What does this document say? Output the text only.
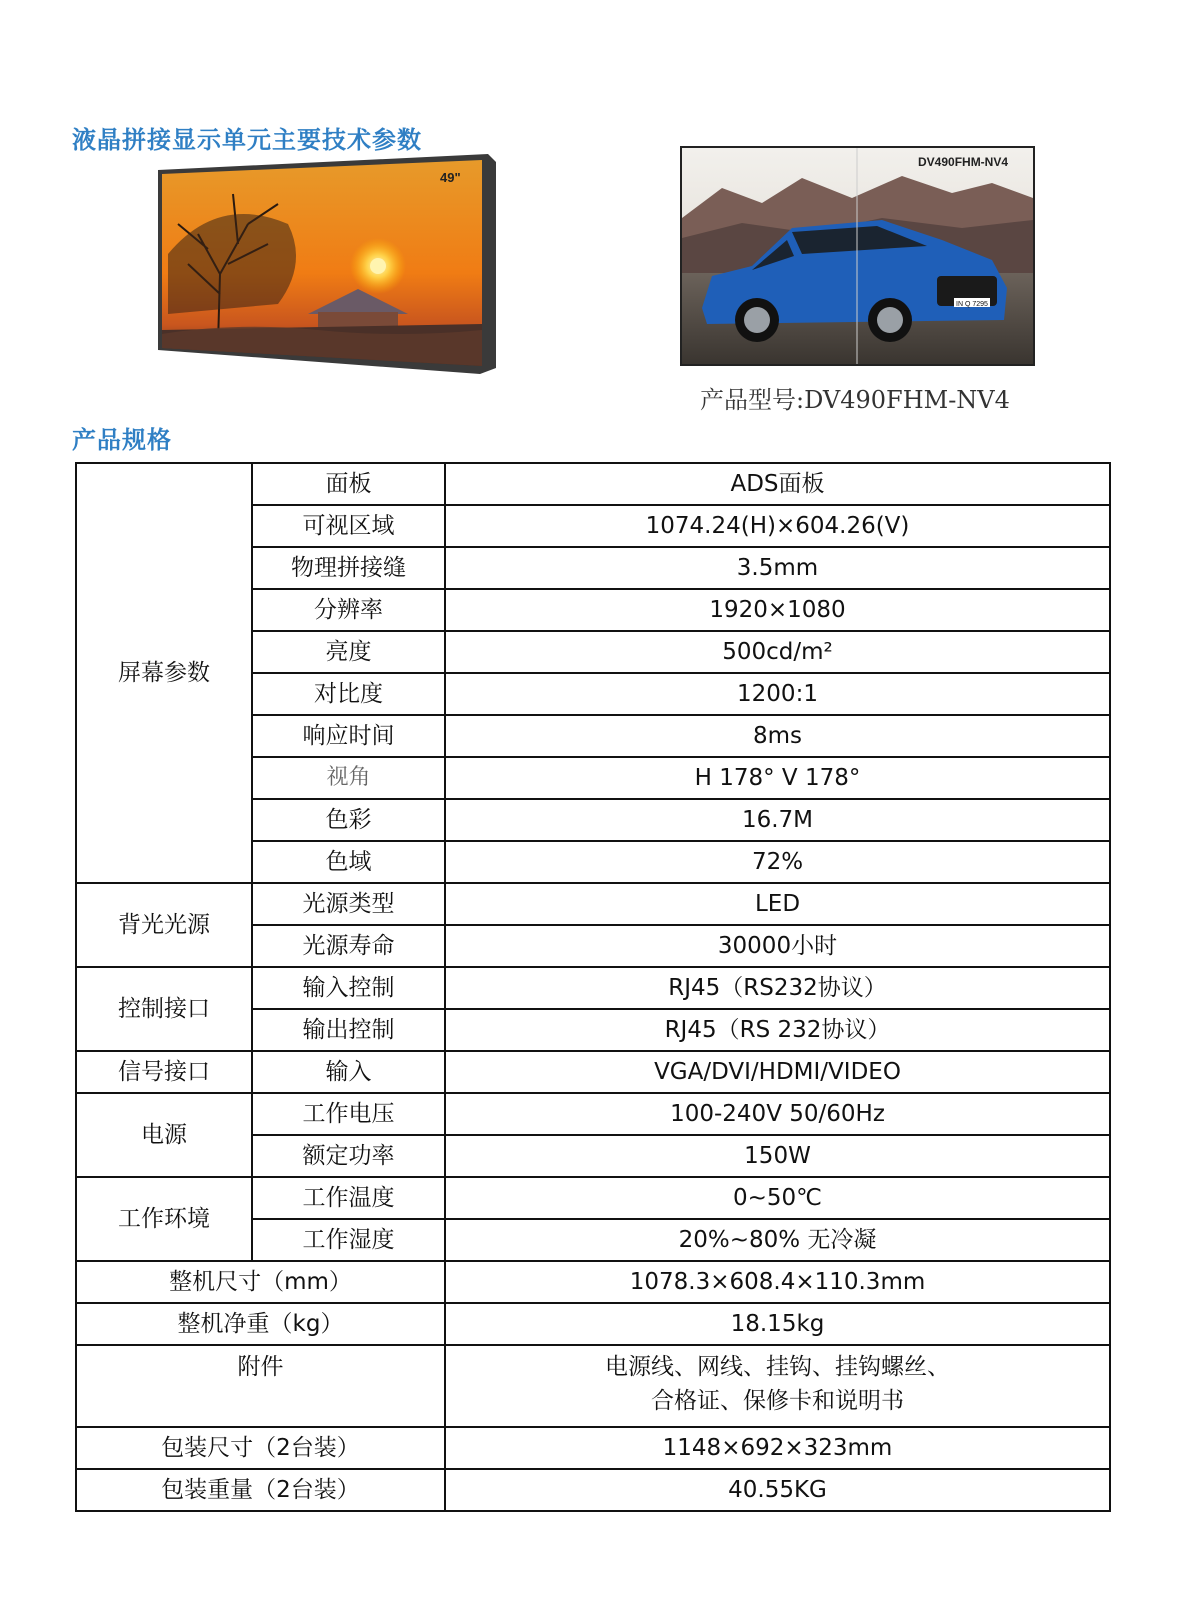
液晶拼接显示单元主要技术参数
49"
IN Q 7295
DV490FHM-NV4
产品型号:DV490FHM-NV4
产品规格
屏幕参数	面板	ADS面板
	可视区域	1074.24(H)×604.26(V)
	物理拼接缝	3.5mm
	分辨率	1920×1080
	亮度	500cd/m²
	对比度	1200:1
	响应时间	8ms
	视角	H 178° V 178°
	色彩	16.7M
	色域	72%
背光光源	光源类型	LED
	光源寿命	30000小时
控制接口	输入控制	RJ45（RS232协议）
	输出控制	RJ45（RS 232协议）
信号接口	输入	VGA/DVI/HDMI/VIDEO
电源	工作电压	100-240V 50/60Hz
	额定功率	150W
工作环境	工作温度	0~50℃
	工作湿度	20%~80% 无冷凝
整机尺寸（mm）		1078.3×608.4×110.3mm
整机净重（kg）		18.15kg
附件		电源线、网线、挂钩、挂钩螺丝、
合格证、保修卡和说明书

包装尺寸（2台装）		1148×692×323mm
包装重量（2台装）		40.55KG
